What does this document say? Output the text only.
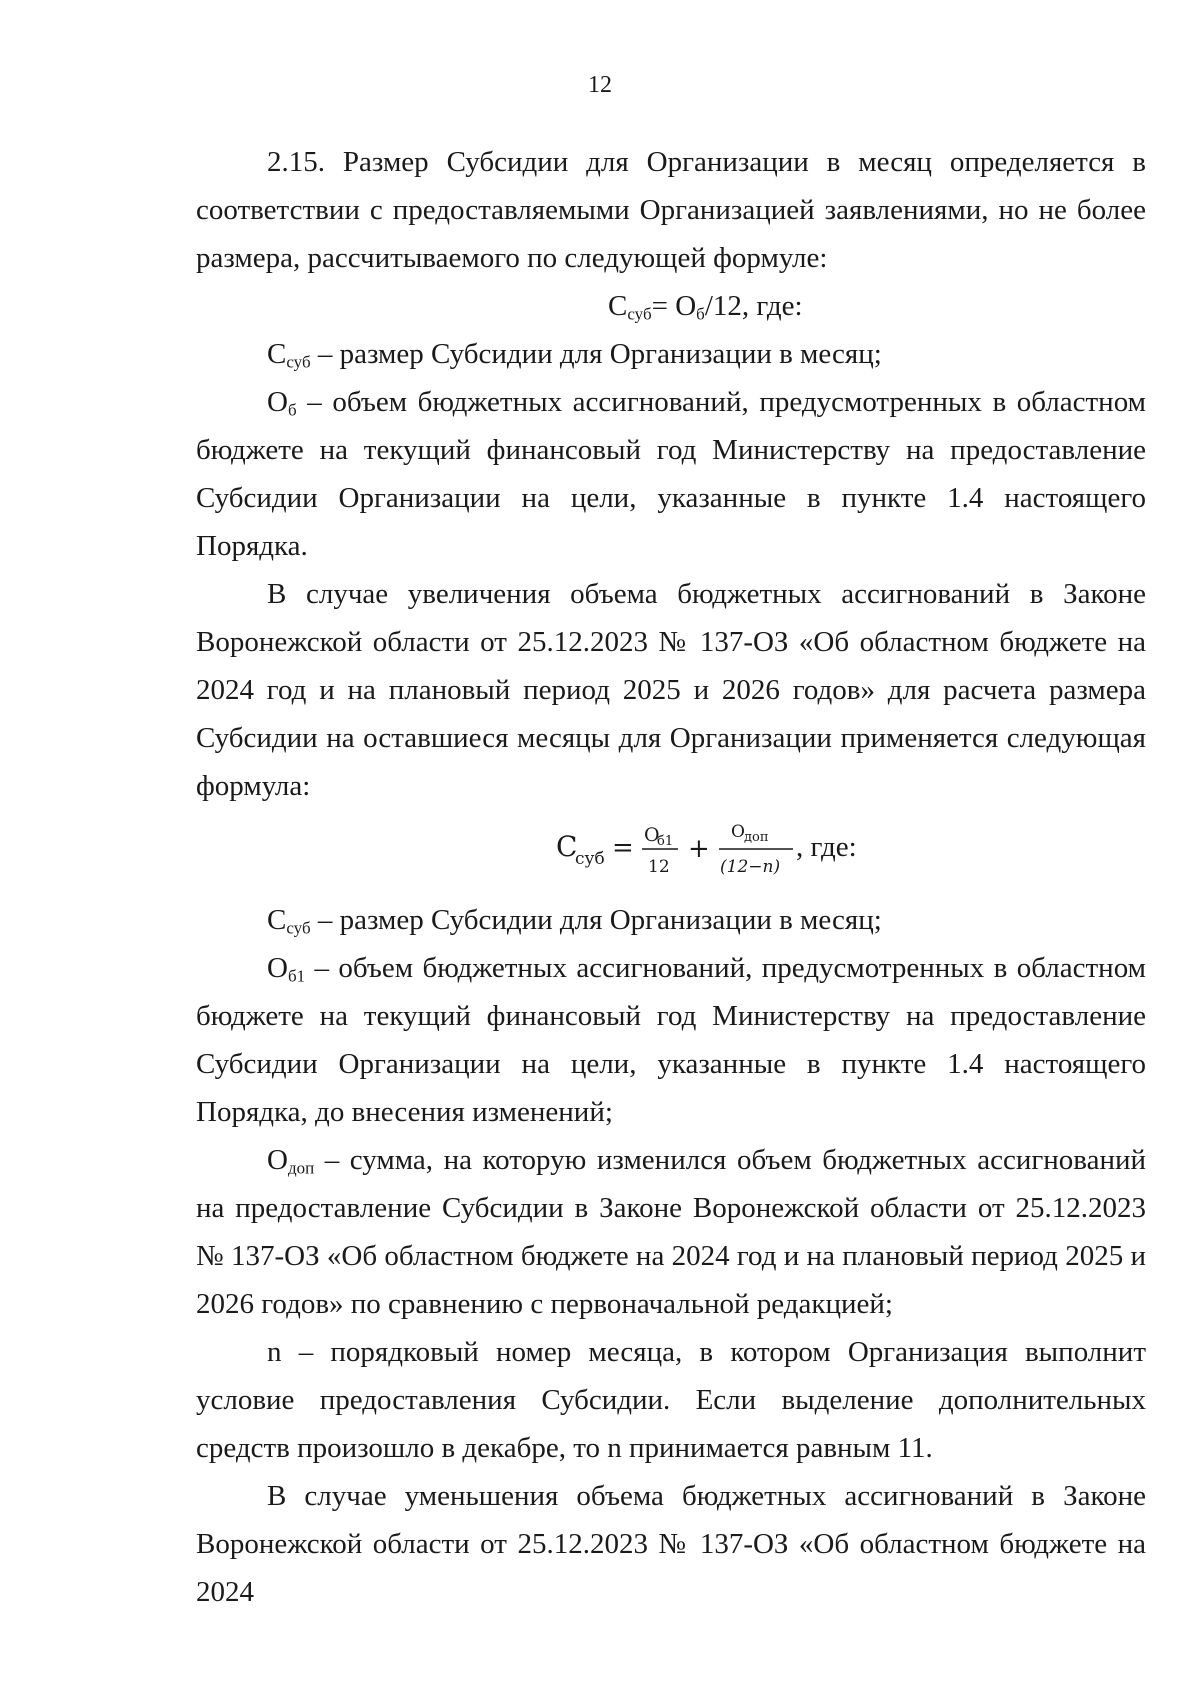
12

2.15. Размер Субсидии для Организации в месяц определяется в соответствии с предоставляемыми Организацией заявлениями, но не более размера, рассчитываемого по следующей формуле:

$С_{суб}= О_б/12$, где:

$С_{суб}$ – размер Субсидии для Организации в месяц;

$О_б$ – объем бюджетных ассигнований, предусмотренных в областном бюджете на текущий финансовый год Министерству на предоставление Субсидии Организации на цели, указанные в пункте 1.4 настоящего Порядка.

В случае увеличения объема бюджетных ассигнований в Законе Воронежской области от 25.12.2023 № 137-ОЗ «Об областном бюджете на 2024 год и на плановый период 2025 и 2026 годов» для расчета размера Субсидии на оставшиеся месяцы для Организации применяется следующая формула:

С
суб = О
б1
12
+
О доп
(12−n)
, где:

$С_{суб}$ – размер Субсидии для Организации в месяц;

$О_{б1}$ – объем бюджетных ассигнований, предусмотренных в областном бюджете на текущий финансовый год Министерству на предоставление Субсидии Организации на цели, указанные в пункте 1.4 настоящего Порядка, до внесения изменений;

$О_{доп}$ – сумма, на которую изменился объем бюджетных ассигнований на предоставление Субсидии в Законе Воронежской области от 25.12.2023 № 137-ОЗ «Об областном бюджете на 2024 год и на плановый период 2025 и 2026 годов» по сравнению с первоначальной редакцией;

n – порядковый номер месяца, в котором Организация выполнит условие предоставления Субсидии. Если выделение дополнительных средств произошло в декабре, то n принимается равным 11.

В случае уменьшения объема бюджетных ассигнований в Законе Воронежской области от 25.12.2023 № 137-ОЗ «Об областном бюджете на 2024
